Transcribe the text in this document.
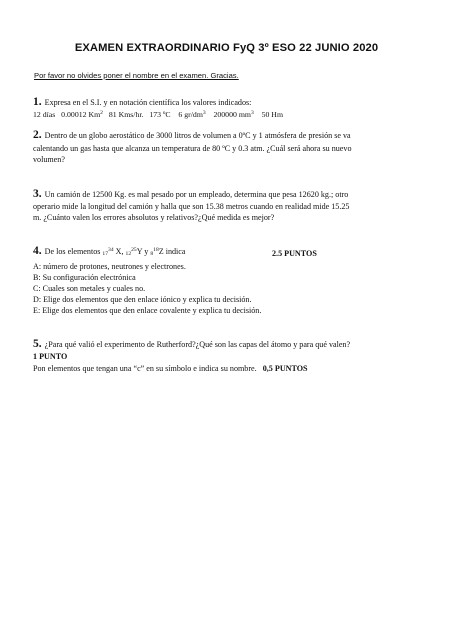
EXAMEN EXTRAORDINARIO FyQ 3º ESO 22 JUNIO 2020
Por favor no olvides poner el nombre en el examen. Gracias.
1. Expresa en el S.I. y en notación científica los valores indicados:
12 días 0.00012 Km$^2$ 81 Kms/hr. 173 ºC 6 $gr/dm^3$ 200000 $mm^3$ 50 Hm
2. Dentro de un globo aerostático de 3000 litros de volumen a 0ºC y 1 atmósfera de presión se va
calentando un gas hasta que alcanza un temperatura de 80 ºC y 0.3 atm. ¿Cuál será ahora su nuevo
volumen?
3. Un camión de 12500 Kg. es mal pesado por un empleado, determina que pesa 12620 kg.; otro
operario mide la longitud del camión y halla que son 15.38 metros cuando en realidad mide 15.25
m. ¿Cuánto valen los errores absolutos y relativos?¿Qué medida es mejor?
4. De los elementos $_{17}^{34}$ X, $_{12}^{25}$Y y $_8^{18}$Z indica	2.5 PUNTOS
A: número de protones, neutrones y electrones.
B: Su configuración electrónica
C: Cuales son metales y cuales no.
D: Elige dos elementos que den enlace iónico y explica tu decisión.
E: Elige dos elementos que den enlace covalente y explica tu decisión.
5. ¿Para qué valió el experimento de Rutherford?¿Qué son las capas del átomo y para qué valen?
1 PUNTO
Pon elementos que tengan una “c” en su símbolo e indica su nombre. 0,5 PUNTOS
